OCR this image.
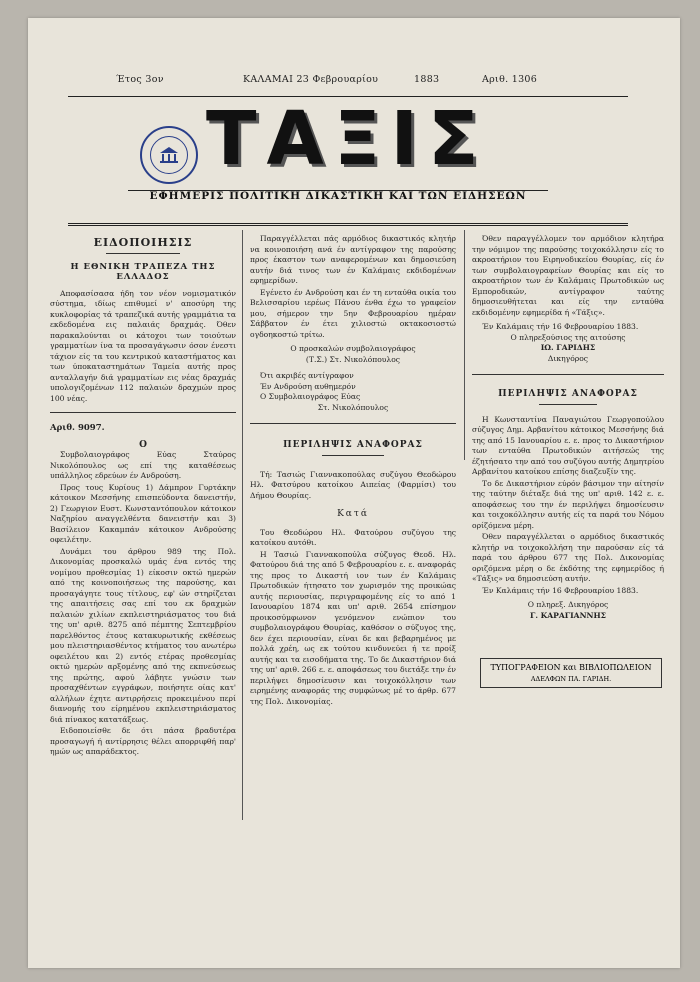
Έτος 3ον	ΚΑΛΑΜΑΙ 23 Φεβρουαρίου	1883	Αριθ. 1306
ΤΑΞΙΣ
ΕΦΗΜΕΡΙΣ ΠΟΛΙΤΙΚΗ ΔΙΚΑΣΤΙΚΗ ΚΑΙ ΤΩΝ ΕΙΔΗΣΕΩΝ
ΕΙΔΟΠΟΙΗΣΙΣ
Η ΕΘΝΙΚΗ ΤΡΑΠΕΖΑ ΤΗΣ ΕΛΛΑΔΟΣ

Αποφασίσασα ήδη τον νέον νομισματικόν σύστημα, ιδίως επιθυμεί ν' αποσύρη της κυκλοφορίας τά τραπεζικά αυτής γραμμάτια τα εκδεδομένα εις παλαιάς δραχμάς. Όθεν παρακαλούνται οι κάτοχοι των τοιούτων γραμματίων ίνα τα προσαγάγωσιν όσον ένεστι τάχιον είς τα του κεντρικού καταστήματος και των ύποκαταστημάτων Ταμεία αυτής προς ανταλλαγήν διά γραμματίων εις νέας δραχμάς υπολογιζομένων 112 παλαιών δραχμών προς 100 νέας.

Αριθ. 9097.
Ο

Συμβολαιογράφος Εύας Σταύρος Νικολόπουλος ως επί της καταθέσεως υπάλληλος εδρεύων έν Ανδρούση.

Προς τους Κυρίους 1) Δάμπρον Γυρτάκην κάτοικον Μεσσήνης επισπεύδοντα δανειστήν, 2) Γεωργιον Ευστ. Κωνσταντόπουλον κάτοικον Ναζηρίου αναγγελθέντα δανειστήν και 3) Βασίλειον Κακαμπάν κάτοικον Ανδρούσης οφειλέτην.

Δυνάμει του άρθρου 989 της Πολ. Δικονομίας προσκαλώ υμάς ένα εντός της νομίμου προθεσμίας 1) είκοσιν οκτώ ημερών από της κοινοποιήσεως της παρούσης, και προσαγάγητε τους τίτλους, εφ' ών στηρίζεται της απαιτήσεις σας επί του εκ δραχμών παλαιών χιλίων εκπλειστηριάσματος του διά της υπ' αριθ. 8275 από πέμπτης Σεπτεμβρίου παρελθόντος έτους κατακυρωτικής εκθέσεως μου πλειστηριασθέντος κτήματος του ανωτέρω οφειλέτου και 2) εντός ετέρας προθεσμίας οκτώ ημερών αρξομένης από της εκπνεύσεως της πρώτης, αφού λάβητε γνώσιν των προσαχθέντων εγγράφων, ποιήσητε οίας κατ' αλλήλων έχητε αντιρρήσεις προκειμένου περί διανομής του είρημένου εκπλειστηριάσματος διά πίνακος κατατάξεως.

Ειδοποιείσθε δε ότι πάσα βραδυτέρα προσαγωγή ή αντίρρησις θέλει απορριφθή παρ' ημών ως απαράδεκτος.

Παραγγέλλεται πάς αρμόδιος δικαστικός κλητήρ να κοινοποιήση ανά έν αντίγραφον της παρούσης προς έκαστον των αναφερομένων και δημοσιεύση αυτήν διά τινος των έν Καλάμαις εκδιδομένων εφημερίδων.

Εγένετο έν Ανδρούση και έν τη ενταύθα οικία του Βελισσαρίου ιερέως Πάνου ένθα έχω το γραφείον μου, σήμερον την 5ην Φεβρουαρίου ημέραν Σάββατον έν έτει χιλιοστώ οκτακοσιοστώ ογδοηκοστώ τρίτω.

Ο προσκαλών συμβολαιογράφος
(Τ.Σ.) Στ. Νικολόπουλος
Ότι ακριβές αντίγραφον
Έν Ανδρούση αυθημερόν
Ο Συμβολαιογράφος Εύας
Στ. Νικολόπουλος
ΠΕΡΙΛΗΨΙΣ ΑΝΑΦΟΡΑΣ

Τή: Τασιώς Γιαννακοπούλας συζύγου Θεοδώρου Ηλ. Φατσύρου κατοίκου Αιπείας (Φαρμίσι) του Δήμου Θουρίας.

Κατά

Του Θεοδώρου Ηλ. Φατούρου συζύγου της κατοίκου αυτόθι.

Η Τασιώ Γιαννακοπούλα σύζυγος Θεοδ. Ηλ. Φατούρου διά της από 5 Φεβρουαρίου ε. ε. αναφοράς της προς το Δικαστή ιον των έν Καλάμαις Πρωτοδικών ήτησατο τον χωρισμόν της προικώας αυτής περιουσίας, περιγραφομένης είς το από 1 Ιανουαρίου 1874 και υπ' αριθ. 2654 επίσημον προικοσύμφωνον γενόμενον ενώπιον του συμβολαιογράφου Θουρίας, καθόσον ο σύζυγος της, δεν έχει περιουσίαν, είναι δε και βεβαρημένος με πολλά χρέη, ως εκ τούτου κινδυνεύει ή τε προίξ αυτής και τα εισοδήματα της. Το δε Δικαστήριον διά της υπ' αριθ. 266 ε. ε. αποφάσεως του διετάξε την έν περιλήψει δημοσίευσιν και τοιχοκόλλησιν των ειρημένης αναφοράς της συμφώνως μέ το άρθρ. 677 της Πολ. Δικονομίας.

Όθεν παραγγέλλομεν τον αρμόδιον κλητήρα την νόμιμον της παρούσης τοιχοκόλλησιν είς το ακροατήριον του Ειρηνοδικείου Θουρίας, είς έν των συμβολαιογραφείων Θουρίας και είς το ακροατήριον των έν Καλάμαις Πρωτοδικών ως Εμποροδικών, αντίγραφον ταύτης δημοσιευθήτεται και είς την ενταύθα εκδιδομένην εφημερίδα ή «Τάξις».

Έν Καλάμαις τήν 16 Φεβρουαρίου 1883.
Ο πληρεξούσιος της αιτούσης
ΙΩ. ΓΑΡΙΔΗΣ
Δικηγόρος
ΠΕΡΙΛΗΨΙΣ ΑΝΑΦΟΡΑΣ

Η Κωνσταντίνα Παναγιώτου Γεωργοπούλου σύζυγος Δημ. Αρβανίτου κάτοικος Μεσσήνης διά της από 15 Ιανουαρίου ε. ε. προς το Δικαστήριον των ενταύθα Πρωτοδικών αιτήσεώς της έζητήσατο την από του συζύγου αυτής Δημητρίου Αρβανίτου κατοίκου επίσης διαζευξίν της.

Το δε Δικαστήριον εύρόν βάσιμον την αίτησίν της ταύτην διέταξε διά της υπ' αριθ. 142 ε. ε. αποφάσεως του την έν περιλήψει δημοσίευσιν και τοιχοκόλλησιν αυτής είς τα παρά του Νόμου ορίζόμενα μέρη.

Όθεν παραγγέλλεται ο αρμόδιος δικαστικός κλητήρ να τοιχοκολλήση την παρούσαν είς τά παρά του άρθρου 677 της Πολ. Δικονομίας οριζόμενα μέρη ο δε έκδότης της εφημερίδος ή «Τάξις» να δημοσιεύση αυτήν.

Έν Καλάμαις τήν 16 Φεβρουαρίου 1883.
Ο πληρεξ. Δικηγόρος
Γ. ΚΑΡΑΓΙΑΝΝΗΣ
ΤΥΠΟΓΡΑΦΕΙΟΝ και ΒΙΒΛΙΟΠΩΛΕΙΟΝ
ΑΔΕΛΦΩΝ ΠΑ. ΓΑΡΙΔΗ.
